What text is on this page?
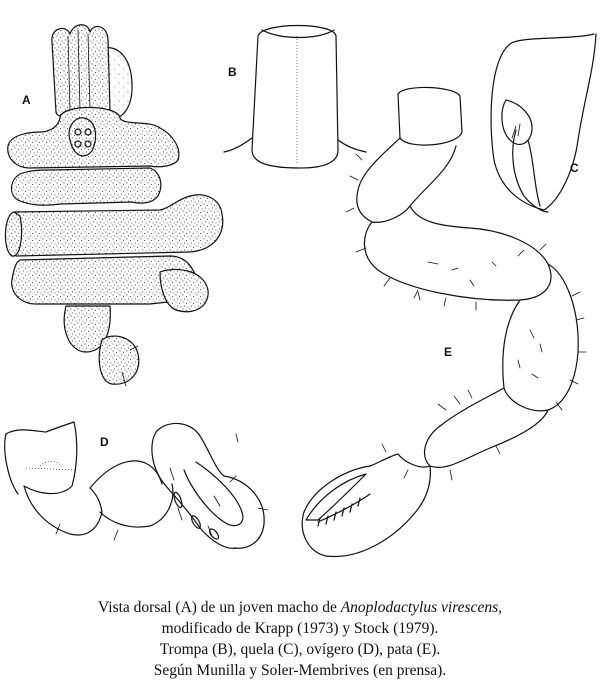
A
B
C
D
E
Vista dorsal (A) de un joven macho de Anoplodactylus virescens,
modificado de Krapp (1973) y Stock (1979).
Trompa (B), quela (C), ovígero (D), pata (E).
Según Munilla y Soler-Membrives (en prensa).
